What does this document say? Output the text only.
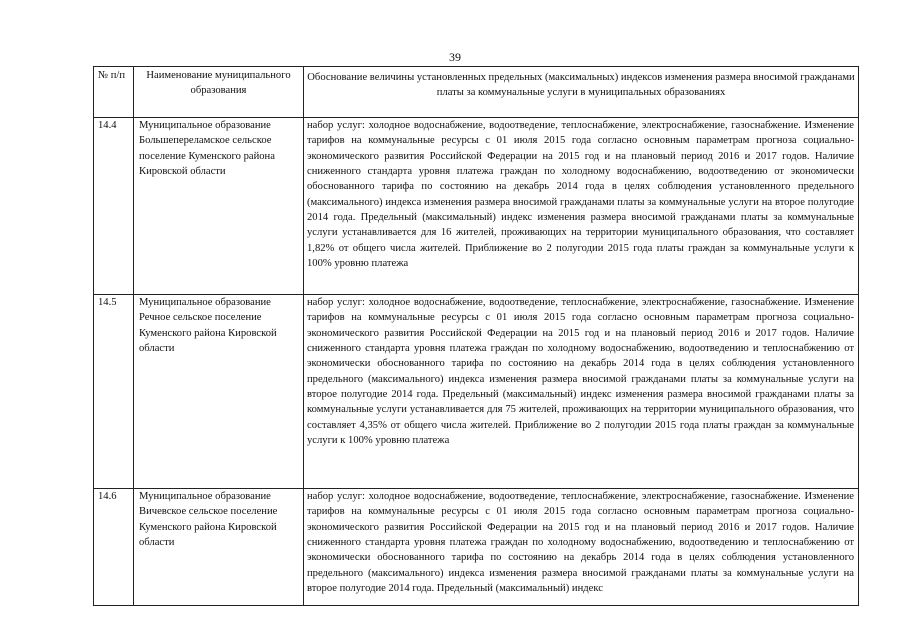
39
№ п/п	Наименование муниципального образования	Обоснование величины установленных предельных (максимальных) индексов изменения размера вносимой гражданами платы за коммунальные услуги в муниципальных образованиях
14.4	Муниципальное образование Большепереламское сельское поселение Куменского района Кировской области	набор услуг: холодное водоснабжение, водоотведение, теплоснабжение, электроснабжение, газоснабжение. Изменение тарифов на коммунальные ресурсы с 01 июля 2015 года согласно основным параметрам прогноза социально-экономического развития Российской Федерации на 2015 год и на плановый период 2016 и 2017 годов. Наличие сниженного стандарта уровня платежа граждан по холодному водоснабжению, водоотведению от экономически обоснованного тарифа по состоянию на декабрь 2014 года в целях соблюдения установленного предельного (максимального) индекса изменения размера вносимой гражданами платы за коммунальные услуги на второе полугодие 2014 года. Предельный (максимальный) индекс изменения размера вносимой гражданами платы за коммунальные услуги устанавливается для 16 жителей, проживающих на территории муниципального образования, что составляет 1,82% от общего числа жителей. Приближение во 2 полугодии 2015 года платы граждан за коммунальные услуги к 100% уровню платежа
14.5	Муниципальное образование Речное сельское поселение Куменского района Кировской области	набор услуг: холодное водоснабжение, водоотведение, теплоснабжение, электроснабжение, газоснабжение. Изменение тарифов на коммунальные ресурсы с 01 июля 2015 года согласно основным параметрам прогноза социально-экономического развития Российской Федерации на 2015 год и на плановый период 2016 и 2017 годов. Наличие сниженного стандарта уровня платежа граждан по холодному водоснабжению, водоотведению и теплоснабжению от экономически обоснованного тарифа по состоянию на декабрь 2014 года в целях соблюдения установленного предельного (максимального) индекса изменения размера вносимой гражданами платы за коммунальные услуги на второе полугодие 2014 года. Предельный (максимальный) индекс изменения размера вносимой гражданами платы за коммунальные услуги устанавливается для 75 жителей, проживающих на территории муниципального образования, что составляет 4,35% от общего числа жителей. Приближение во 2 полугодии 2015 года платы граждан за коммунальные услуги к 100% уровню платежа
14.6	Муниципальное образование Вичевское сельское поселение Куменского района Кировской области	набор услуг: холодное водоснабжение, водоотведение, теплоснабжение, электроснабжение, газоснабжение. Изменение тарифов на коммунальные ресурсы с 01 июля 2015 года согласно основным параметрам прогноза социально-экономического развития Российской Федерации на 2015 год и на плановый период 2016 и 2017 годов. Наличие сниженного стандарта уровня платежа граждан по холодному водоснабжению, водоотведению и теплоснабжению от экономически обоснованного тарифа по состоянию на декабрь 2014 года в целях соблюдения установленного предельного (максимального) индекса изменения размера вносимой гражданами платы за коммунальные услуги на второе полугодие 2014 года. Предельный (максимальный) индекс
